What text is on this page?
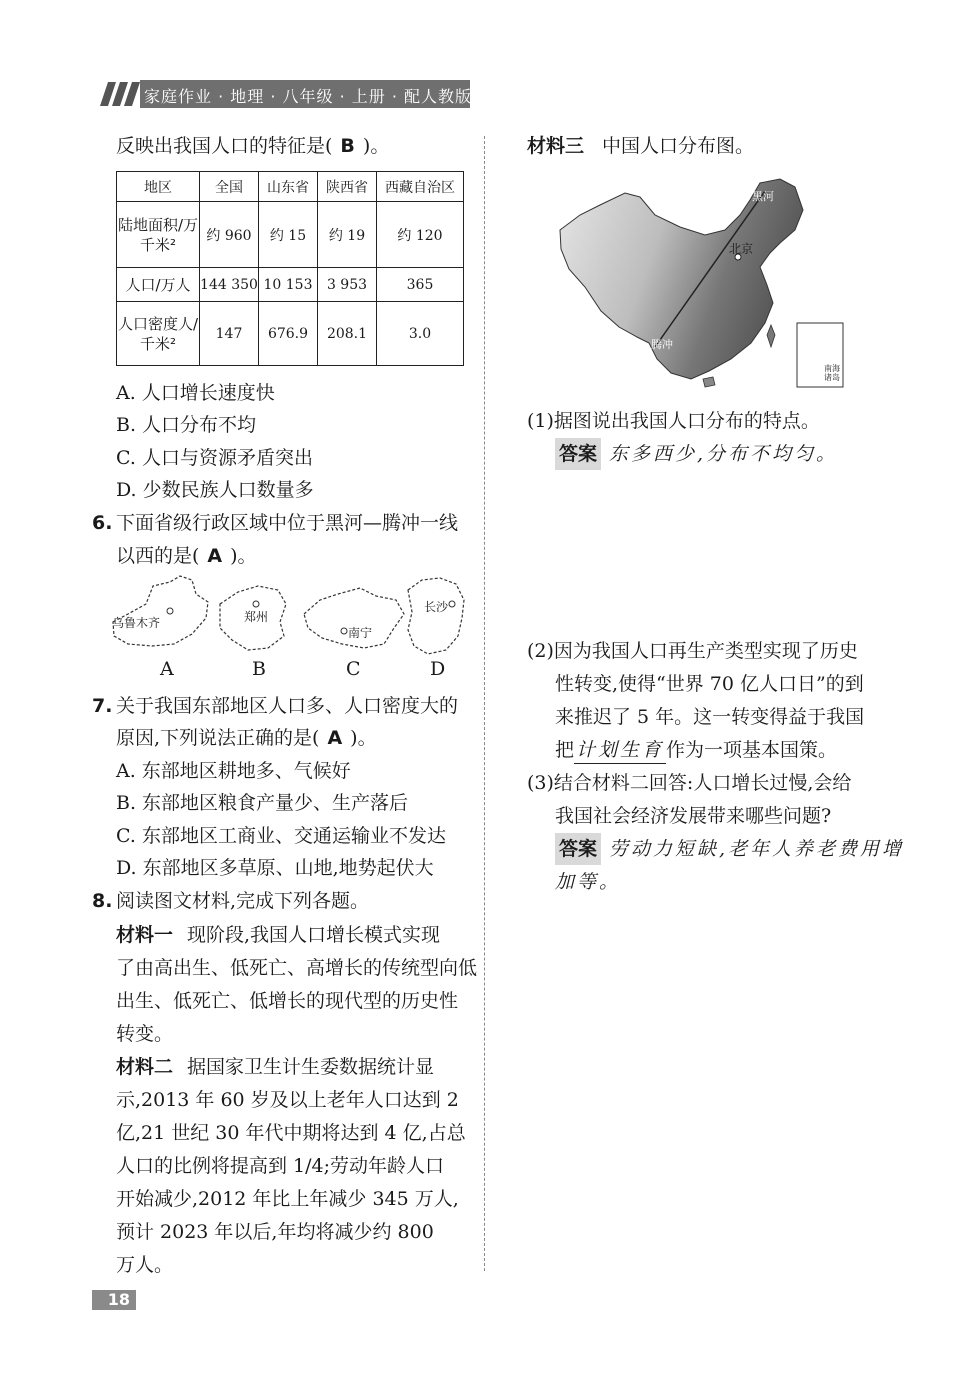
家庭作业 · 地理 · 八年级 · 上册 · 配人教版
反映出我国人口的特征是( B )。
地区	全国	山东省	陕西省	西藏自治区
陆地面积/万千米²	约 960	约 15	约 19	约 120
人口/万人	144 350	10 153	3 953	365
人口密度人/千米²	147	676.9	208.1	3.0
A. 人口增长速度快
B. 人口分布不均
C. 人口与资源矛盾突出
D. 少数民族人口数量多
6. 下面省级行政区域中位于黑河—腾冲一线
以西的是( A )。
乌鲁木齐	郑州
南宁
长沙
A	B	C	D
7. 关于我国东部地区人口多、人口密度大的
原因,下列说法正确的是( A )。
A. 东部地区耕地多、气候好
B. 东部地区粮食产量少、生产落后
C. 东部地区工商业、交通运输业不发达
D. 东部地区多草原、山地,地势起伏大
8. 阅读图文材料,完成下列各题。
材料一 现阶段,我国人口增长模式实现
了由高出生、低死亡、高增长的传统型向低
出生、低死亡、低增长的现代型的历史性
转变。
材料二 据国家卫生计生委数据统计显
示,2013 年 60 岁及以上老年人口达到 2
亿,21 世纪 30 年代中期将达到 4 亿,占总
人口的比例将提高到 1/4;劳动年龄人口
开始减少,2012 年比上年减少 345 万人,
预计 2023 年以后,年均将减少约 800
万人。
材料三 中国人口分布图。
黑河
北京
腾冲
南海诸岛
(1)据图说出我国人口分布的特点。
答案 东多西少,分布不均匀。
(2)因为我国人口再生产类型实现了历史
性转变,使得“世界 70 亿人口日”的到
来推迟了 5 年。这一转变得益于我国
把 计划生育 作为一项基本国策。
(3)结合材料二回答:人口增长过慢,会给
我国社会经济发展带来哪些问题?
答案 劳动力短缺,老年人养老费用增
加等。
18
